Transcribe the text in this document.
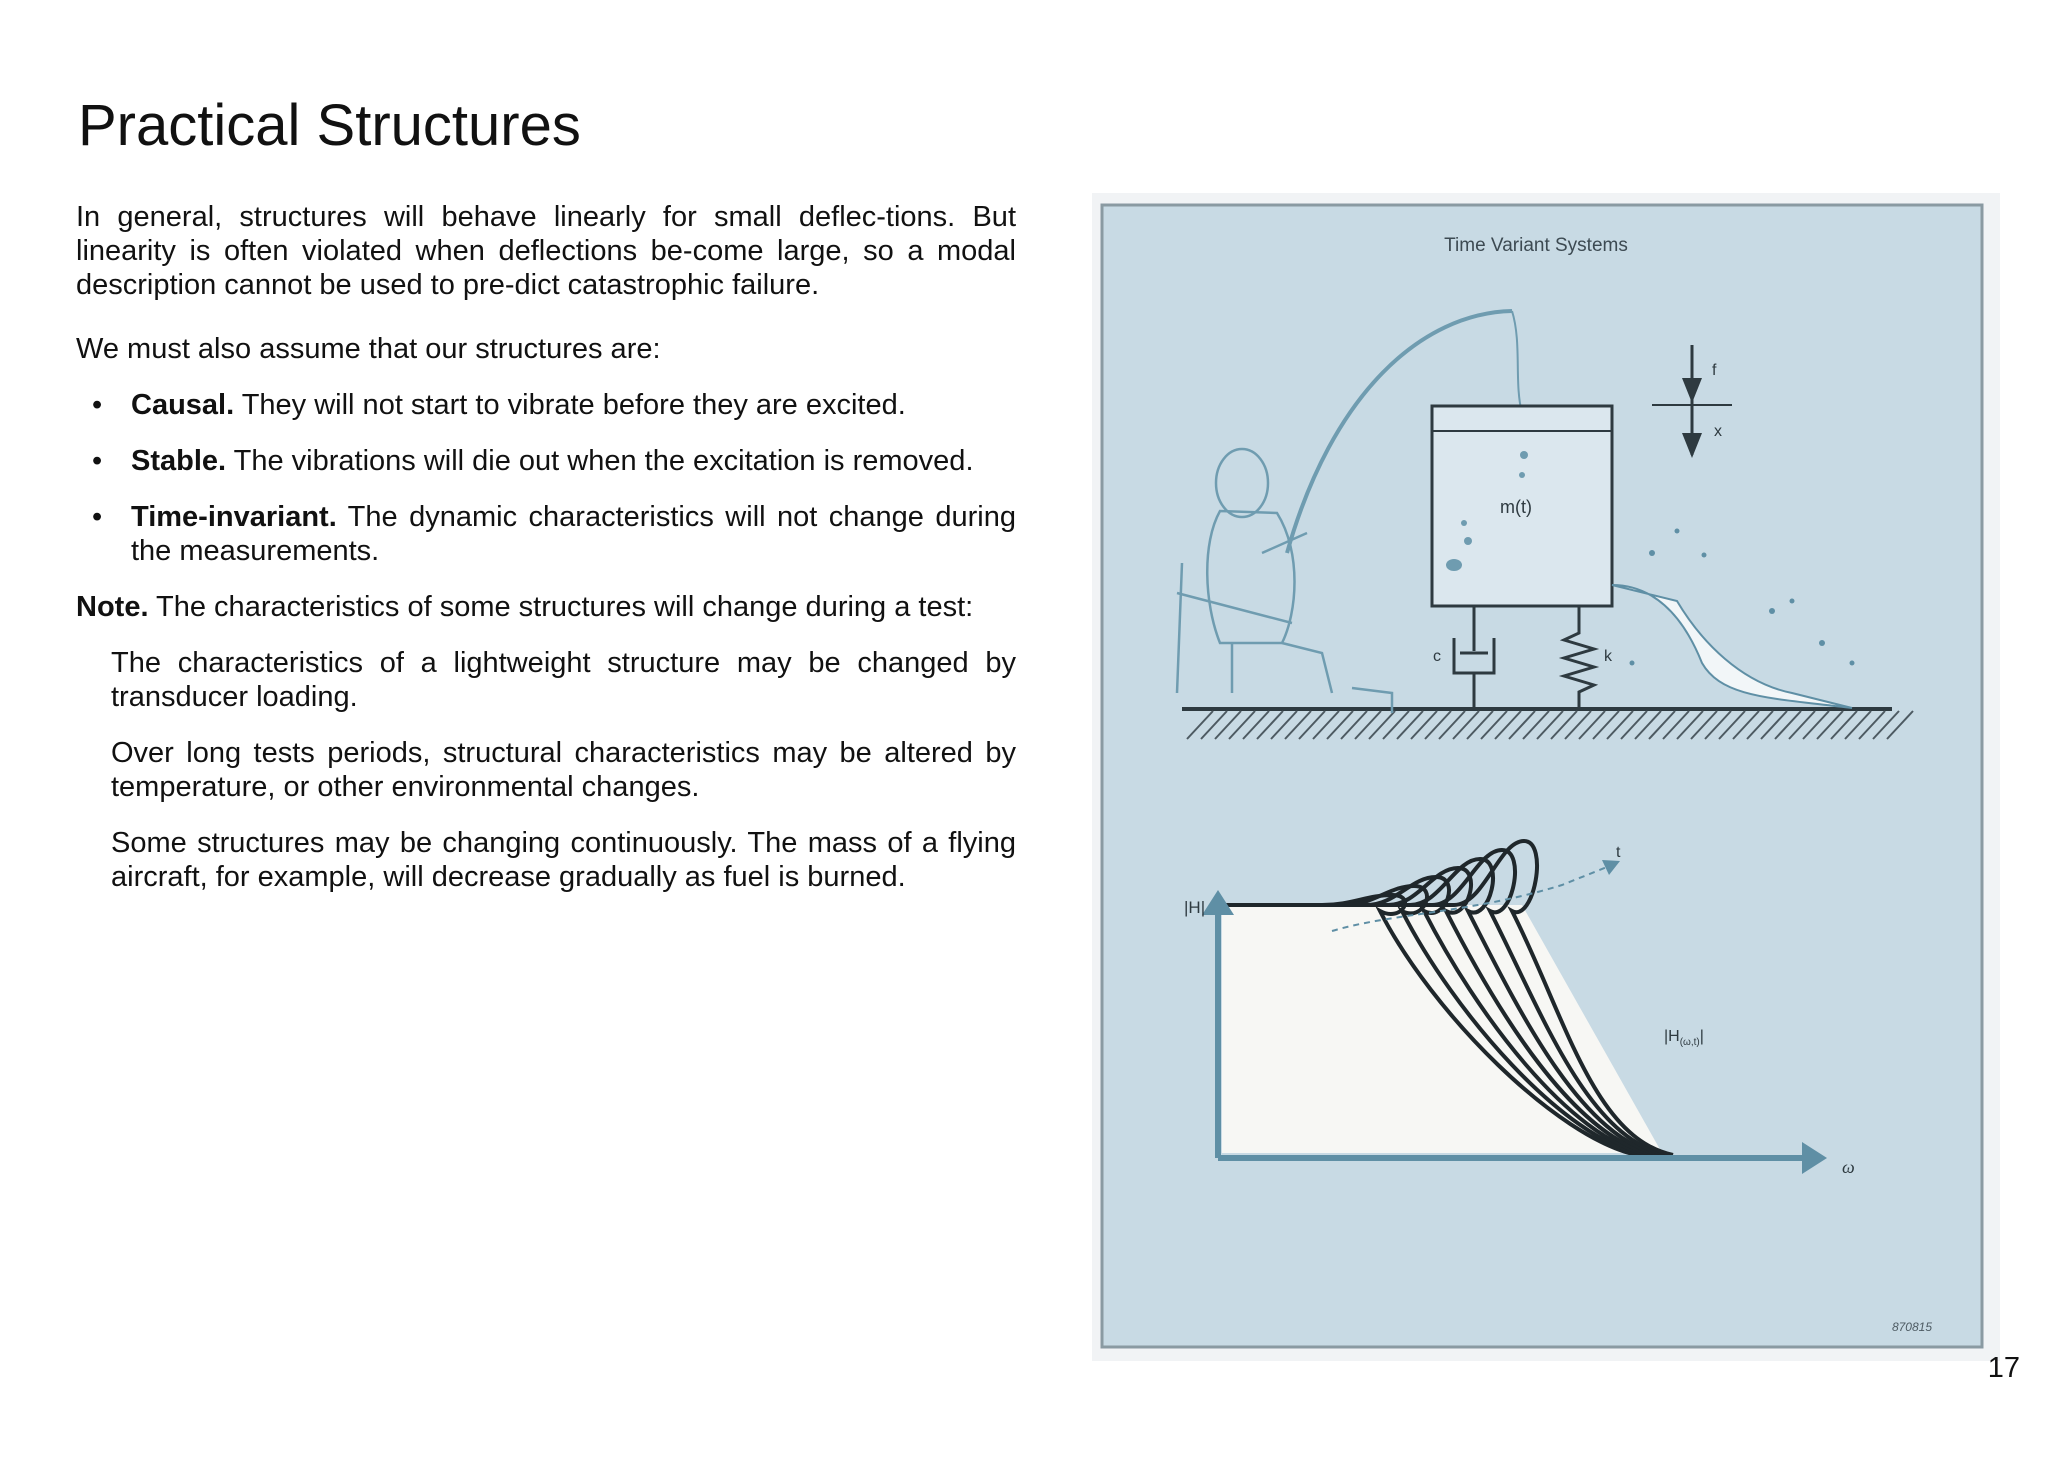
Practical Structures

In general, structures will behave linearly for small deflec-tions. But linearity is often violated when deflections be-come large, so a modal description cannot be used to pre-dict catastrophic failure.

We must also assume that our structures are:

• Causal. They will not start to vibrate before they are excited.
• Stable. The vibrations will die out when the excitation is removed.
• Time-invariant. The dynamic characteristics will not change during the measurements.

Note. The characteristics of some structures will change during a test:

The characteristics of a lightweight structure may be changed by transducer loading.

Over long tests periods, structural characteristics may be altered by temperature, or other environmental changes.

Some structures may be changing continuously. The mass of a flying aircraft, for example, will decrease gradually as fuel is burned.

Time Variant Systems
m(t)
f
x
c	k
|H|
ω
t
$|H_{(\omega,t)}|$
870815
17
